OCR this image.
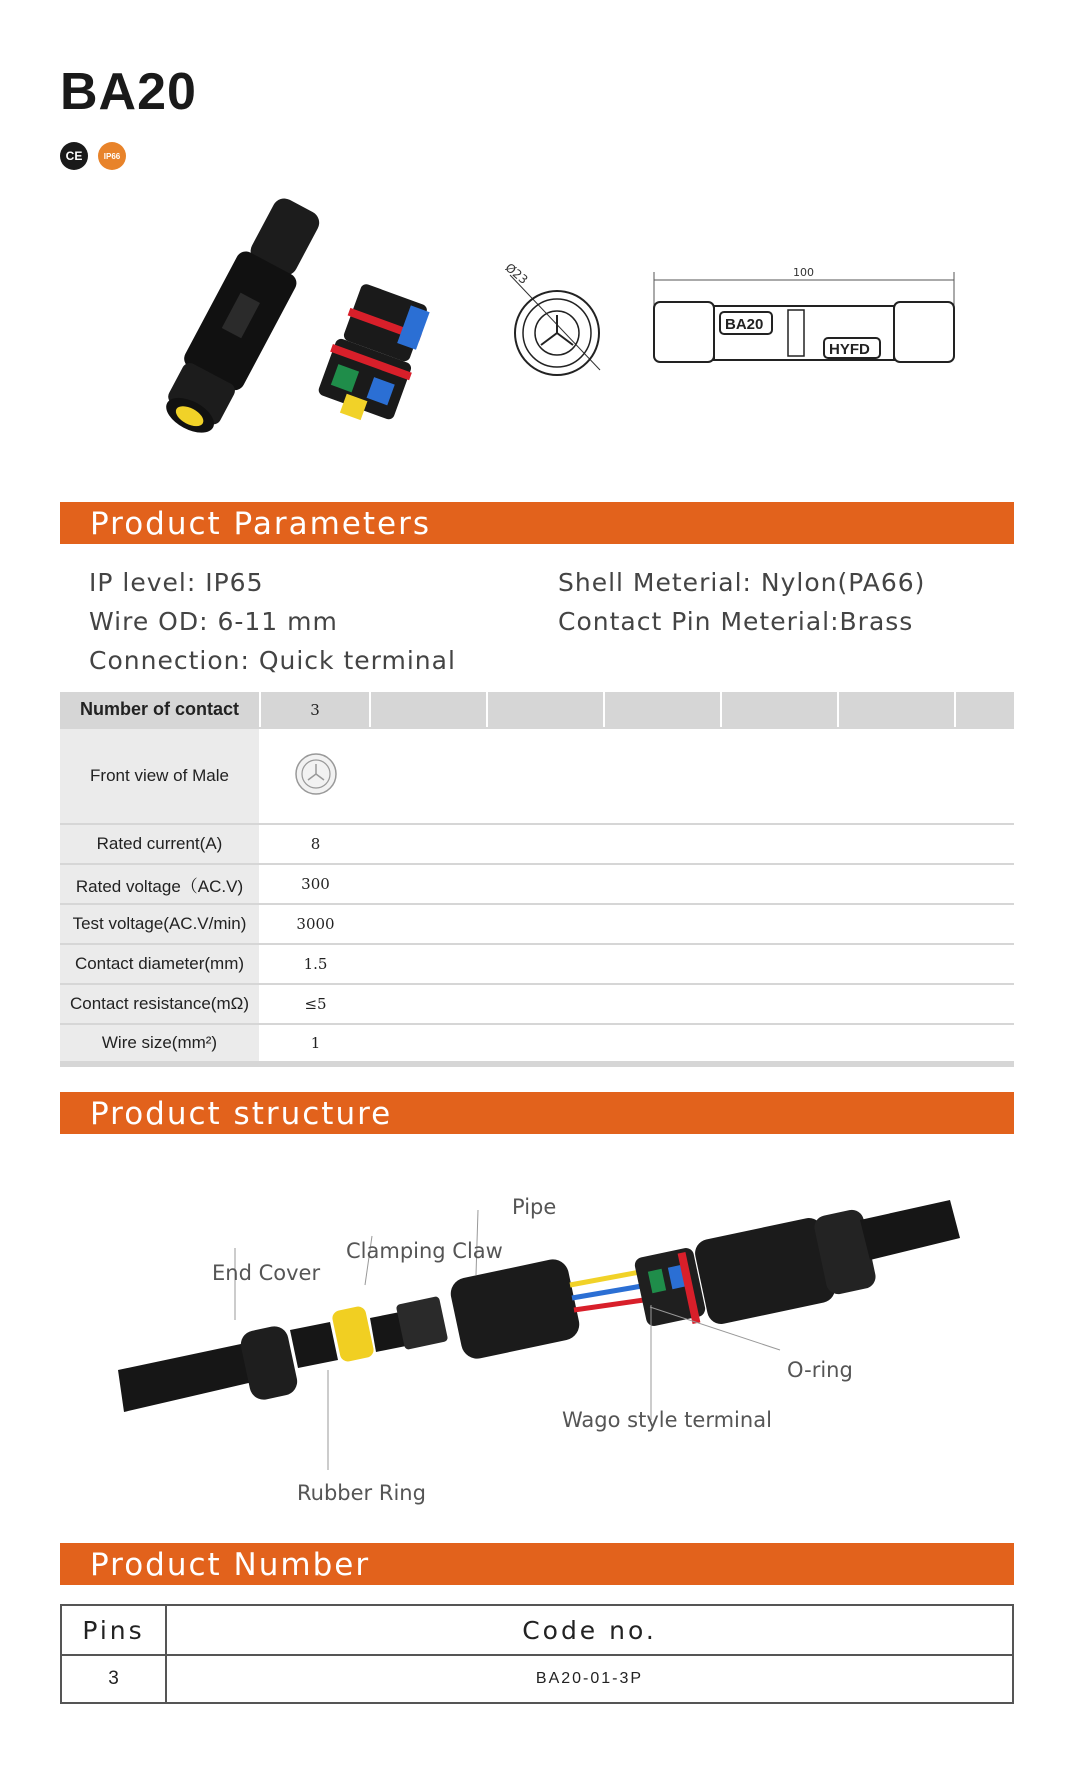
BA20
CE	IP66
Ø23	100
BA20
HYFD
Product Parameters
IP level: IP65
Wire OD: 6-11 mm
Connection: Quick terminal
Shell Meterial: Nylon(PA66)
Contact Pin Meterial:Brass
Number of contact	3						
Front view of Male		
Rated current(A)	8						
Rated voltage（AC.V)	300						
Test voltage(AC.V/min)	3000						
Contact diameter(mm)	1.5						
Contact resistance(mΩ)	≤5						
Wire size(mm²)	1						
Product structure
Pipe
Clamping Claw
End Cover
O-ring
Wago style terminal
Rubber Ring
Product Number
Pins	Code no.
3	BA20-01-3P
